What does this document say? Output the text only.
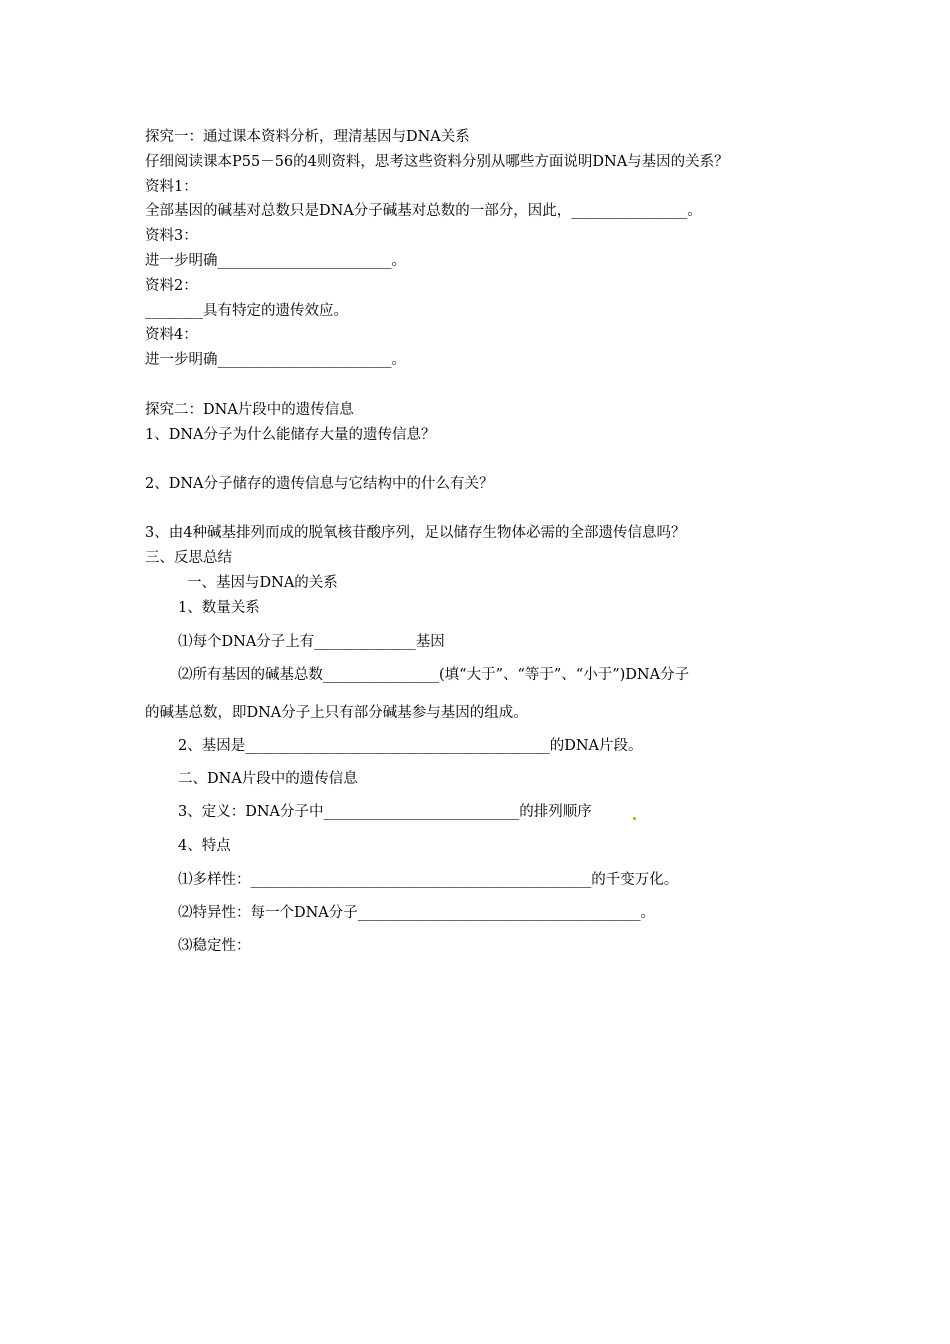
探究一：通过课本资料分析，理清基因与DNA关系
仔细阅读课本P55－56的4则资料，思考这些资料分别从哪些方面说明DNA与基因的关系？
资料1：
全部基因的碱基对总数只是DNA分子碱基对总数的一部分，因此，________________。
资料3：
进一步明确________________________。
资料2：
________具有特定的遗传效应。
资料4：
进一步明确________________________。
探究二：DNA片段中的遗传信息
1、DNA分子为什么能储存大量的遗传信息？
2、DNA分子储存的遗传信息与它结构中的什么有关？
3、由4种碱基排列而成的脱氧核苷酸序列，足以储存生物体必需的全部遗传信息吗？
三、反思总结
一、基因与DNA的关系
1、数量关系
⑴每个DNA分子上有______________基因
⑵所有基因的碱基总数________________(填“大于”、“等于”、“小于”)DNA分子
的碱基总数，即DNA分子上只有部分碱基参与基因的组成。
2、基因是__________________________________________的DNA片段。
二、DNA片段中的遗传信息
3、定义：DNA分子中___________________________的排列顺序
4、特点
⑴多样性：_______________________________________________的千变万化。
⑵特异性：每一个DNA分子_______________________________________。
⑶稳定性：
